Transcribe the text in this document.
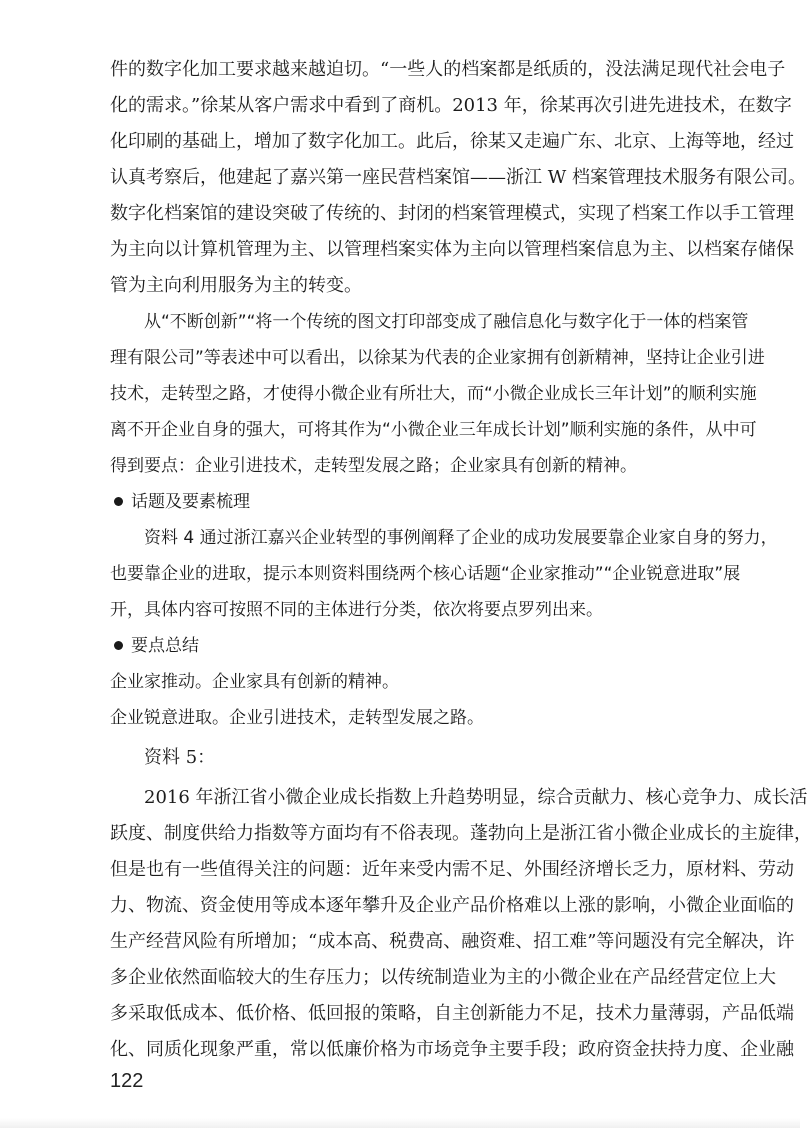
件的数字化加工要求越来越迫切。“一些人的档案都是纸质的，没法满足现代社会电子
化的需求。”徐某从客户需求中看到了商机。2013 年，徐某再次引进先进技术，在数字
化印刷的基础上，增加了数字化加工。此后，徐某又走遍广东、北京、上海等地，经过
认真考察后，他建起了嘉兴第一座民营档案馆——浙江 W 档案管理技术服务有限公司。
数字化档案馆的建设突破了传统的、封闭的档案管理模式，实现了档案工作以手工管理
为主向以计算机管理为主、以管理档案实体为主向以管理档案信息为主、以档案存储保
管为主向利用服务为主的转变。
从“不断创新”“将一个传统的图文打印部变成了融信息化与数字化于一体的档案管
理有限公司”等表述中可以看出，以徐某为代表的企业家拥有创新精神，坚持让企业引进
技术，走转型之路，才使得小微企业有所壮大，而“小微企业成长三年计划”的顺利实施
离不开企业自身的强大，可将其作为“小微企业三年成长计划”顺利实施的条件，从中可
得到要点：企业引进技术，走转型发展之路；企业家具有创新的精神。
话题及要素梳理
资料 4 通过浙江嘉兴企业转型的事例阐释了企业的成功发展要靠企业家自身的努力，
也要靠企业的进取，提示本则资料围绕两个核心话题“企业家推动”“企业锐意进取”展
开，具体内容可按照不同的主体进行分类，依次将要点罗列出来。
要点总结
企业家推动。企业家具有创新的精神。
企业锐意进取。企业引进技术，走转型发展之路。
资料 5：
2016 年浙江省小微企业成长指数上升趋势明显，综合贡献力、核心竞争力、成长活
跃度、制度供给力指数等方面均有不俗表现。蓬勃向上是浙江省小微企业成长的主旋律，
但是也有一些值得关注的问题：近年来受内需不足、外围经济增长乏力，原材料、劳动
力、物流、资金使用等成本逐年攀升及企业产品价格难以上涨的影响，小微企业面临的
生产经营风险有所增加；“成本高、税费高、融资难、招工难”等问题没有完全解决，许
多企业依然面临较大的生存压力；以传统制造业为主的小微企业在产品经营定位上大
多采取低成本、低价格、低回报的策略，自主创新能力不足，技术力量薄弱，产品低端
化、同质化现象严重，常以低廉价格为市场竞争主要手段；政府资金扶持力度、企业融
122
